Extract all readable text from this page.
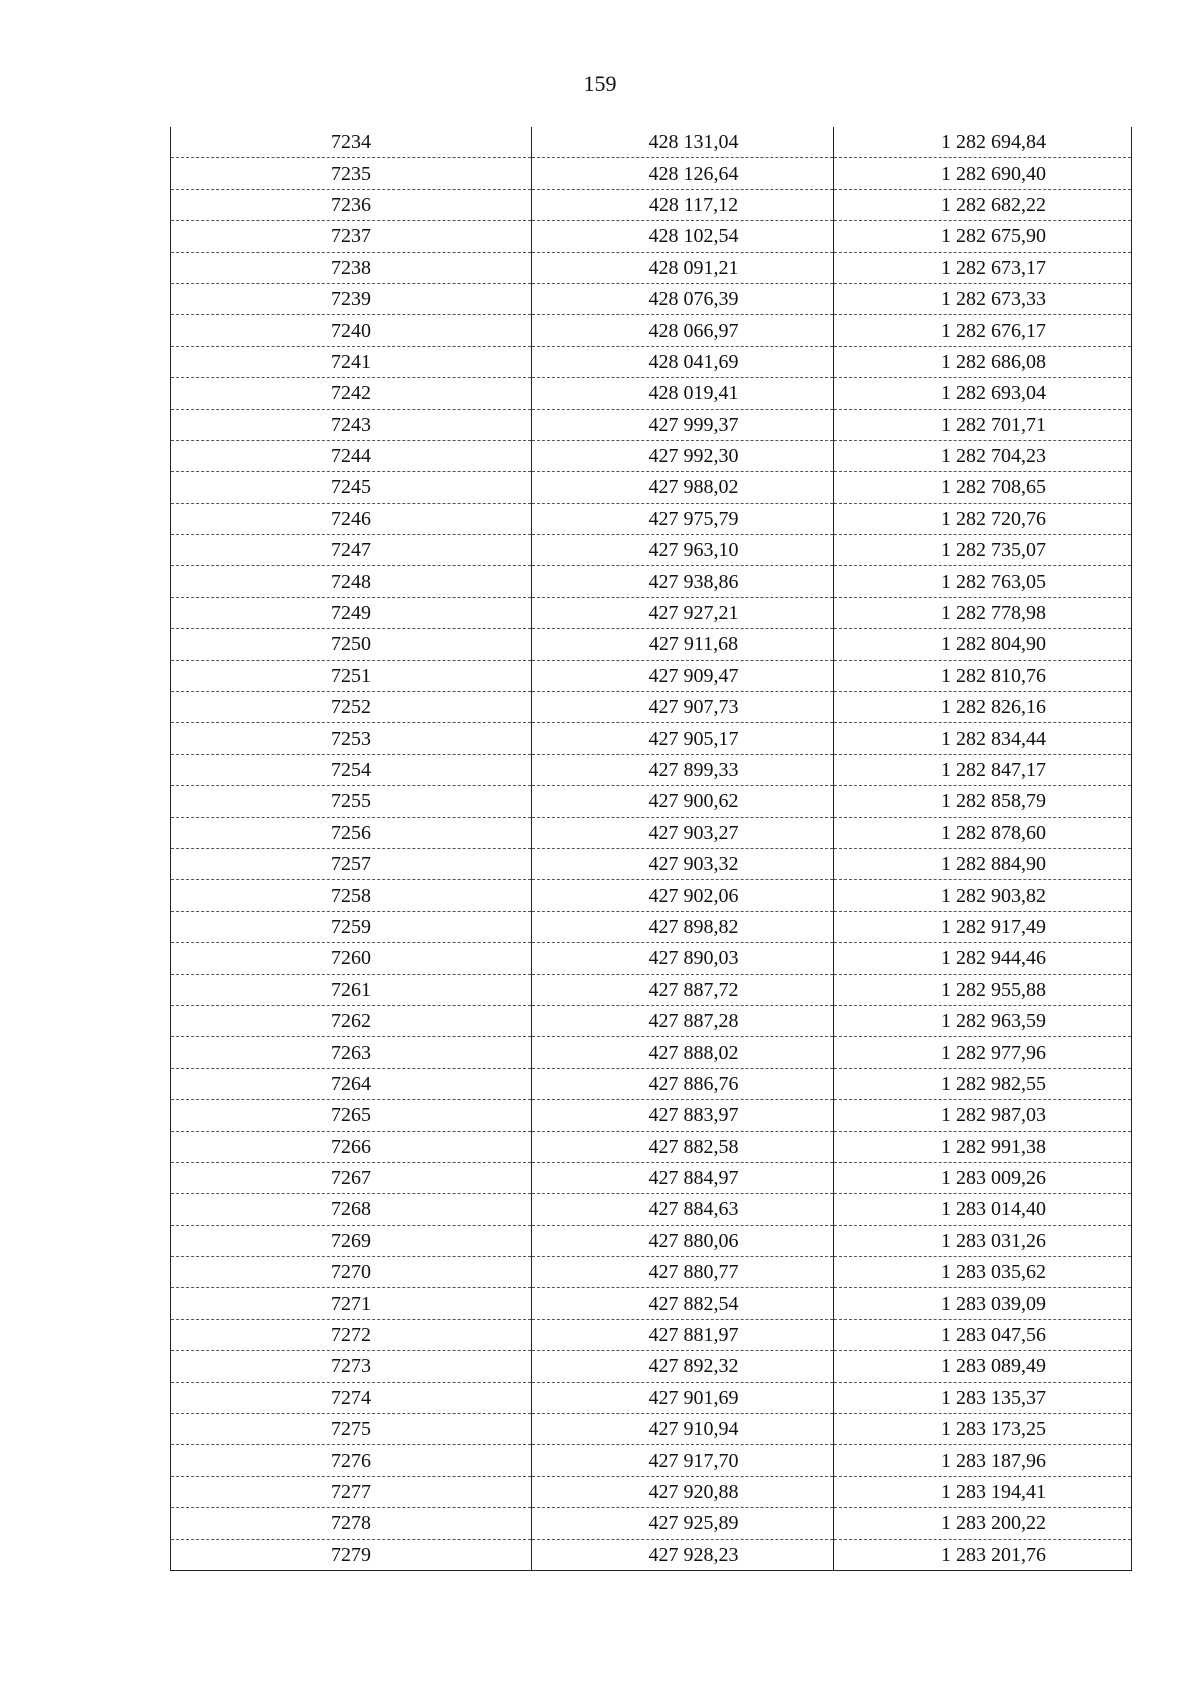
159
7234	428 131,04	1 282 694,84
7235	428 126,64	1 282 690,40
7236	428 117,12	1 282 682,22
7237	428 102,54	1 282 675,90
7238	428 091,21	1 282 673,17
7239	428 076,39	1 282 673,33
7240	428 066,97	1 282 676,17
7241	428 041,69	1 282 686,08
7242	428 019,41	1 282 693,04
7243	427 999,37	1 282 701,71
7244	427 992,30	1 282 704,23
7245	427 988,02	1 282 708,65
7246	427 975,79	1 282 720,76
7247	427 963,10	1 282 735,07
7248	427 938,86	1 282 763,05
7249	427 927,21	1 282 778,98
7250	427 911,68	1 282 804,90
7251	427 909,47	1 282 810,76
7252	427 907,73	1 282 826,16
7253	427 905,17	1 282 834,44
7254	427 899,33	1 282 847,17
7255	427 900,62	1 282 858,79
7256	427 903,27	1 282 878,60
7257	427 903,32	1 282 884,90
7258	427 902,06	1 282 903,82
7259	427 898,82	1 282 917,49
7260	427 890,03	1 282 944,46
7261	427 887,72	1 282 955,88
7262	427 887,28	1 282 963,59
7263	427 888,02	1 282 977,96
7264	427 886,76	1 282 982,55
7265	427 883,97	1 282 987,03
7266	427 882,58	1 282 991,38
7267	427 884,97	1 283 009,26
7268	427 884,63	1 283 014,40
7269	427 880,06	1 283 031,26
7270	427 880,77	1 283 035,62
7271	427 882,54	1 283 039,09
7272	427 881,97	1 283 047,56
7273	427 892,32	1 283 089,49
7274	427 901,69	1 283 135,37
7275	427 910,94	1 283 173,25
7276	427 917,70	1 283 187,96
7277	427 920,88	1 283 194,41
7278	427 925,89	1 283 200,22
7279	427 928,23	1 283 201,76
